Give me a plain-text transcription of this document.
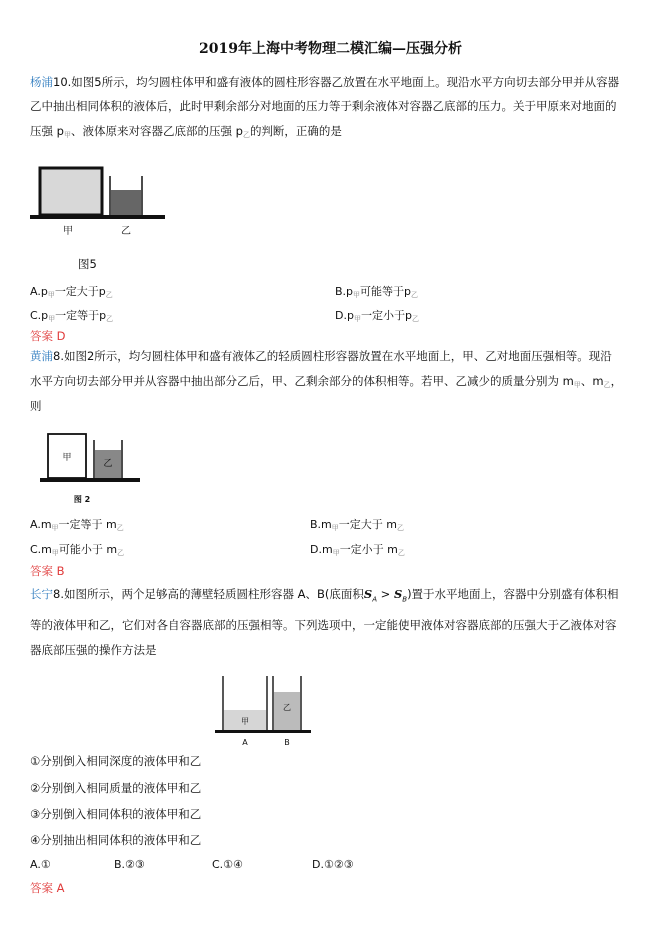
2019年上海中考物理二模汇编—压强分析
杨浦10.如图5所示，均匀圆柱体甲和盛有液体的圆柱形容器乙放置在水平地面上。现沿水平方向切去部分甲并从容器
乙中抽出相同体积的液体后，此时甲剩余部分对地面的压力等于剩余液体对容器乙底部的压力。关于甲原来对地面的
压强 $p_甲$、液体原来对容器乙底部的压强 $p_乙$的判断，正确的是
甲	乙
图5
$A.p_甲$一定大于$p_乙$	$B.p_甲$可能等于$p_乙$
$C.p_甲$一定等于$p_乙$	$D.p_甲$一定小于$p_乙$
答案 D
黄浦8.如图2所示，均匀圆柱体甲和盛有液体乙的轻质圆柱形容器放置在水平地面上，甲、乙对地面压强相等。现沿
水平方向切去部分甲并从容器中抽出部分乙后，甲、乙剩余部分的体积相等。若甲、乙减少的质量分别为 $m_甲$、$m_乙$，
则
甲
乙
图 2
$A.m_甲$一定等于 $m_乙$	$B.m_甲$一定大于 $m_乙$
$C.m_甲$可能小于 $m_乙$	$D.m_甲$一定小于 $m_乙$
答案 B
长宁8.如图所示，两个足够高的薄壁轻质圆柱形容器 A、B(底面积$S_A > S_B$)置于水平地面上，容器中分别盛有体积相
等的液体甲和乙，它们对各自容器底部的压强相等。下列选项中，一定能使甲液体对容器底部的压强大于乙液体对容
器底部压强的操作方法是
甲
乙
A	B
①分别倒入相同深度的液体甲和乙
②分别倒入相同质量的液体甲和乙
③分别倒入相同体积的液体甲和乙
④分别抽出相同体积的液体甲和乙
A.①	B.②③	C.①④	D.①②③
答案 A
